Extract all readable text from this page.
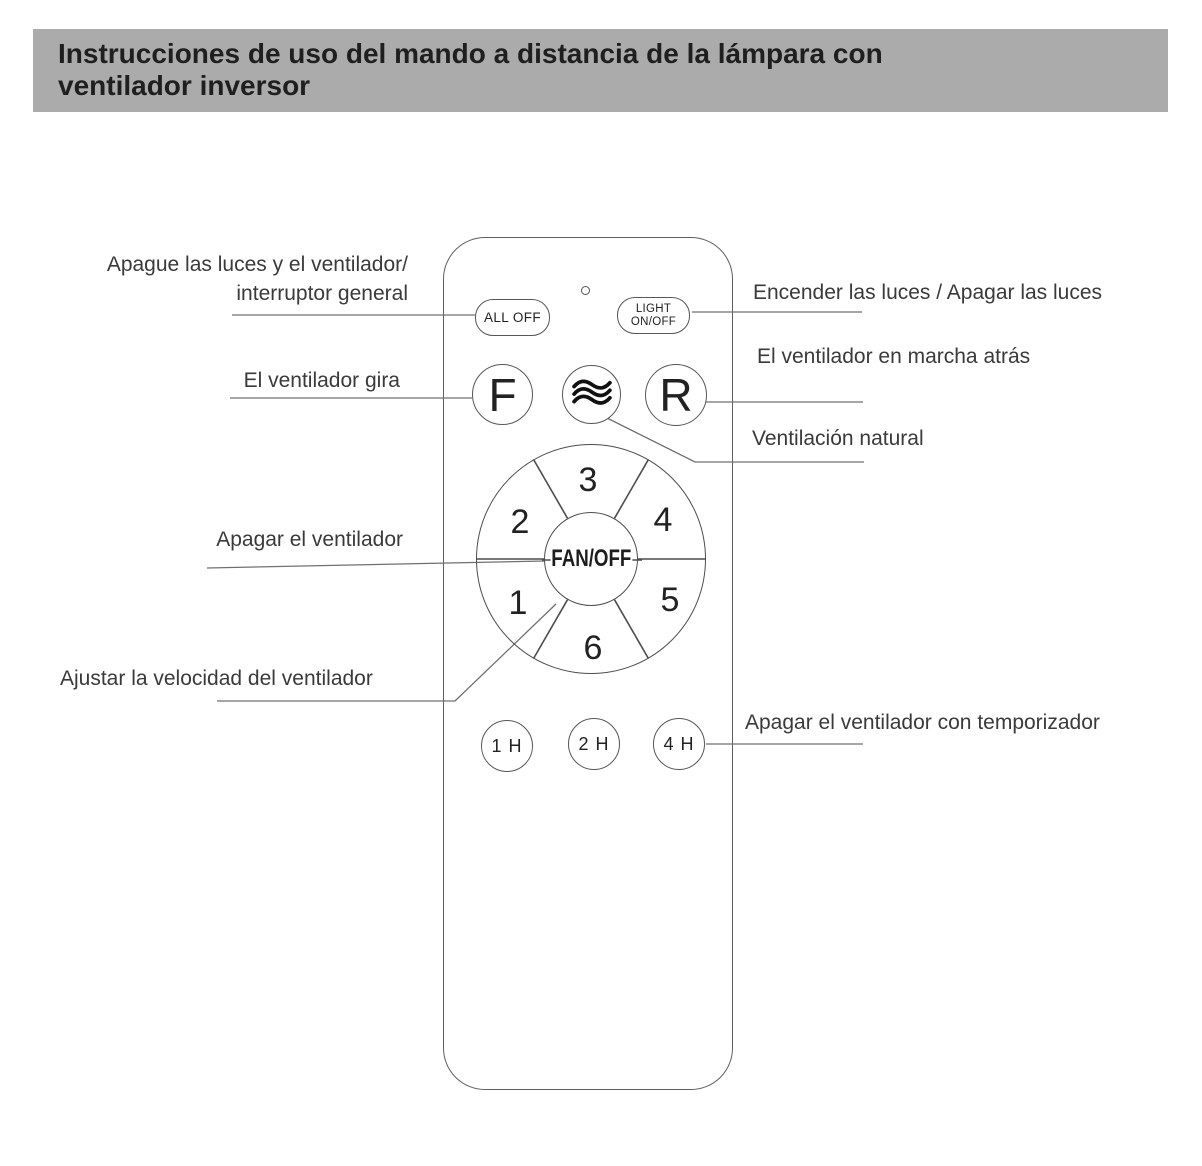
Instrucciones de uso del mando a distancia de la lámpara con
ventilador inversor
ALL OFF
LIGHT
ON/OFF
F	R
FAN/OFF
1
2
3
4
5
6
1 H	2 H	4 H
Apague las luces y el ventilador/
interruptor general
El ventilador gira
Apagar el ventilador
Ajustar la velocidad del ventilador
Encender las luces / Apagar las luces
El ventilador en marcha atrás
Ventilación natural
Apagar el ventilador con temporizador
